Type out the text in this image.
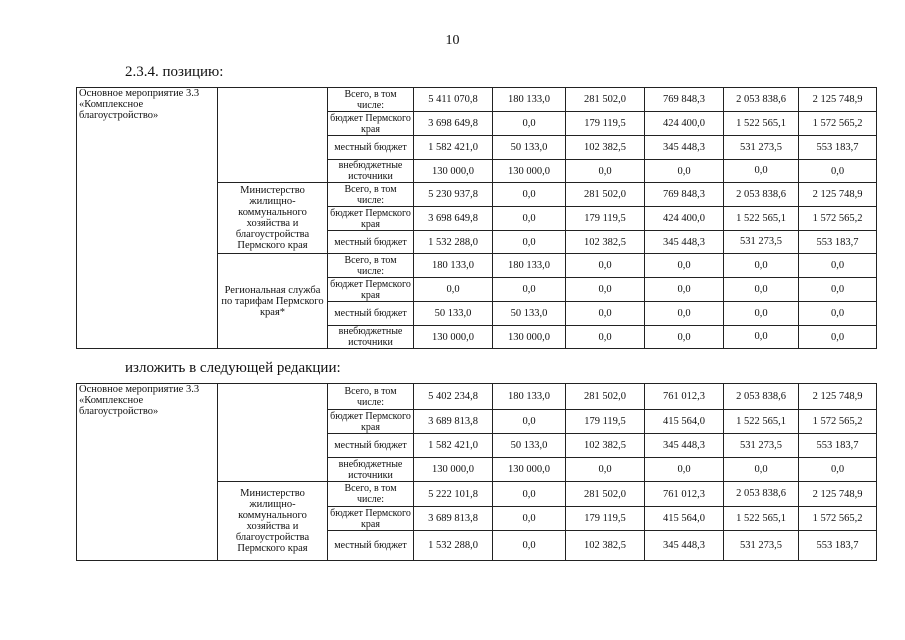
10
2.3.4. позицию:
Основное мероприятие 3.3 «Комплексное благоустройство»		Всего, в том числе:	5 411 070,8	180 133,0	281 502,0	769 848,3	2 053 838,6	2 125 748,9
		бюджет Пермского края	3 698 649,8	0,0	179 119,5	424 400,0	1 522 565,1	1 572 565,2
		местный бюджет	1 582 421,0	50 133,0	102 382,5	345 448,3	531 273,5	553 183,7
		внебюджетные источники	130 000,0	130 000,0	0,0	0,0	0,0	0,0
	Министерство жилищно-коммунального хозяйства и благоустройства Пермского края	Всего, в том числе:	5 230 937,8	0,0	281 502,0	769 848,3	2 053 838,6	2 125 748,9
		бюджет Пермского края	3 698 649,8	0,0	179 119,5	424 400,0	1 522 565,1	1 572 565,2
		местный бюджет	1 532 288,0	0,0	102 382,5	345 448,3	531 273,5	553 183,7
	Региональная служба по тарифам Пермского края*	Всего, в том числе:	180 133,0	180 133,0	0,0	0,0	0,0	0,0
		бюджет Пермского края	0,0	0,0	0,0	0,0	0,0	0,0
		местный бюджет	50 133,0	50 133,0	0,0	0,0	0,0	0,0
		внебюджетные источники	130 000,0	130 000,0	0,0	0,0	0,0	0,0
изложить в следующей редакции:
Основное мероприятие 3.3 «Комплексное благоустройство»		Всего, в том числе:	5 402 234,8	180 133,0	281 502,0	761 012,3	2 053 838,6	2 125 748,9
		бюджет Пермского края	3 689 813,8	0,0	179 119,5	415 564,0	1 522 565,1	1 572 565,2
		местный бюджет	1 582 421,0	50 133,0	102 382,5	345 448,3	531 273,5	553 183,7
		внебюджетные источники	130 000,0	130 000,0	0,0	0,0	0,0	0,0
	Министерство жилищно-коммунального хозяйства и благоустройства Пермского края	Всего, в том числе:	5 222 101,8	0,0	281 502,0	761 012,3	2 053 838,6	2 125 748,9
		бюджет Пермского края	3 689 813,8	0,0	179 119,5	415 564,0	1 522 565,1	1 572 565,2
		местный бюджет	1 532 288,0	0,0	102 382,5	345 448,3	531 273,5	553 183,7
